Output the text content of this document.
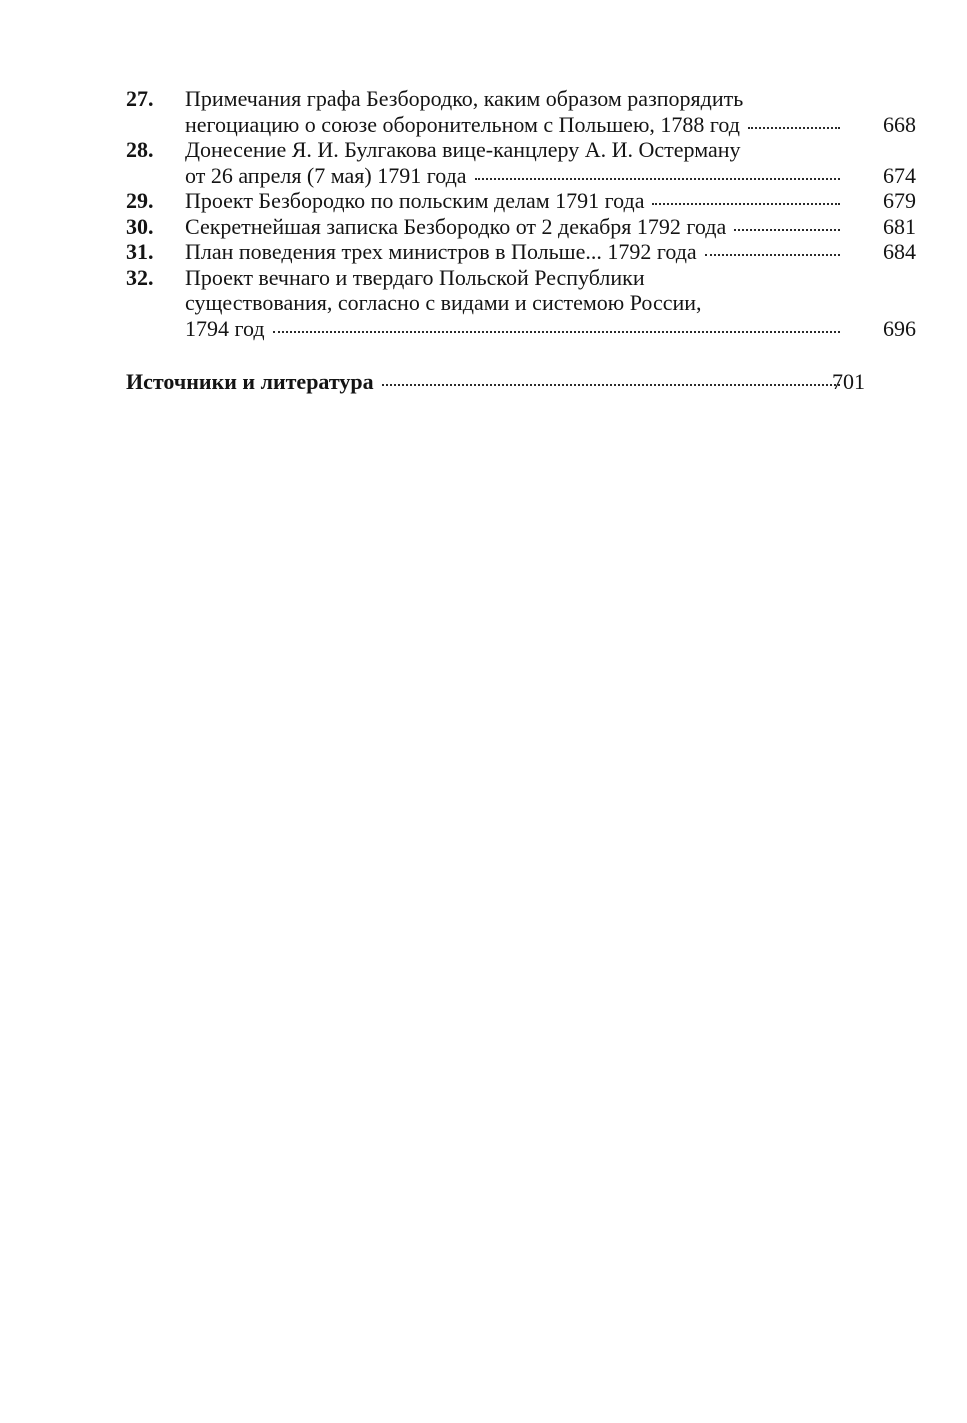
27. Примечания графа Безбородко, каким образом разпорядить
негоциацию о союзе оборонительном с Польшею, 1788 год	668
28. Донесение Я. И. Булгакова вице-канцлеру А. И. Остерману
от 26 апреля (7 мая) 1791 года	674
29. Проект Безбородко по польским делам 1791 года	679
30. Секретнейшая записка Безбородко от 2 декабря 1792 года	681
31. План поведения трех министров в Польше... 1792 года	684
32. Проект вечнаго и твердаго Польской Республики
существования, согласно с видами и системою России,
1794 год	696
Источники и литература	701
